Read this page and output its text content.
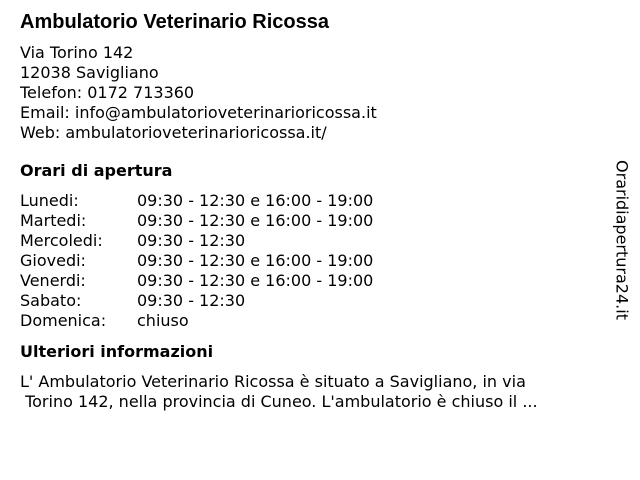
Ambulatorio Veterinario Ricossa
Via Torino 142
12038 Savigliano
Telefon: 0172 713360
Email: info@ambulatorioveterinarioricossa.it
Web: ambulatorioveterinarioricossa.it/
Orari di apertura
Lunedi:	09:30 - 12:30 e 16:00 - 19:00
Martedi:	09:30 - 12:30 e 16:00 - 19:00
Mercoledi:	09:30 - 12:30
Giovedi:	09:30 - 12:30 e 16:00 - 19:00
Venerdi:	09:30 - 12:30 e 16:00 - 19:00
Sabato:	09:30 - 12:30
Domenica:	chiuso
Ulteriori informazioni
L' Ambulatorio Veterinario Ricossa è situato a Savigliano, in via
Torino 142, nella provincia di Cuneo. L'ambulatorio è chiuso il ...
Oraridiapertura24.it
